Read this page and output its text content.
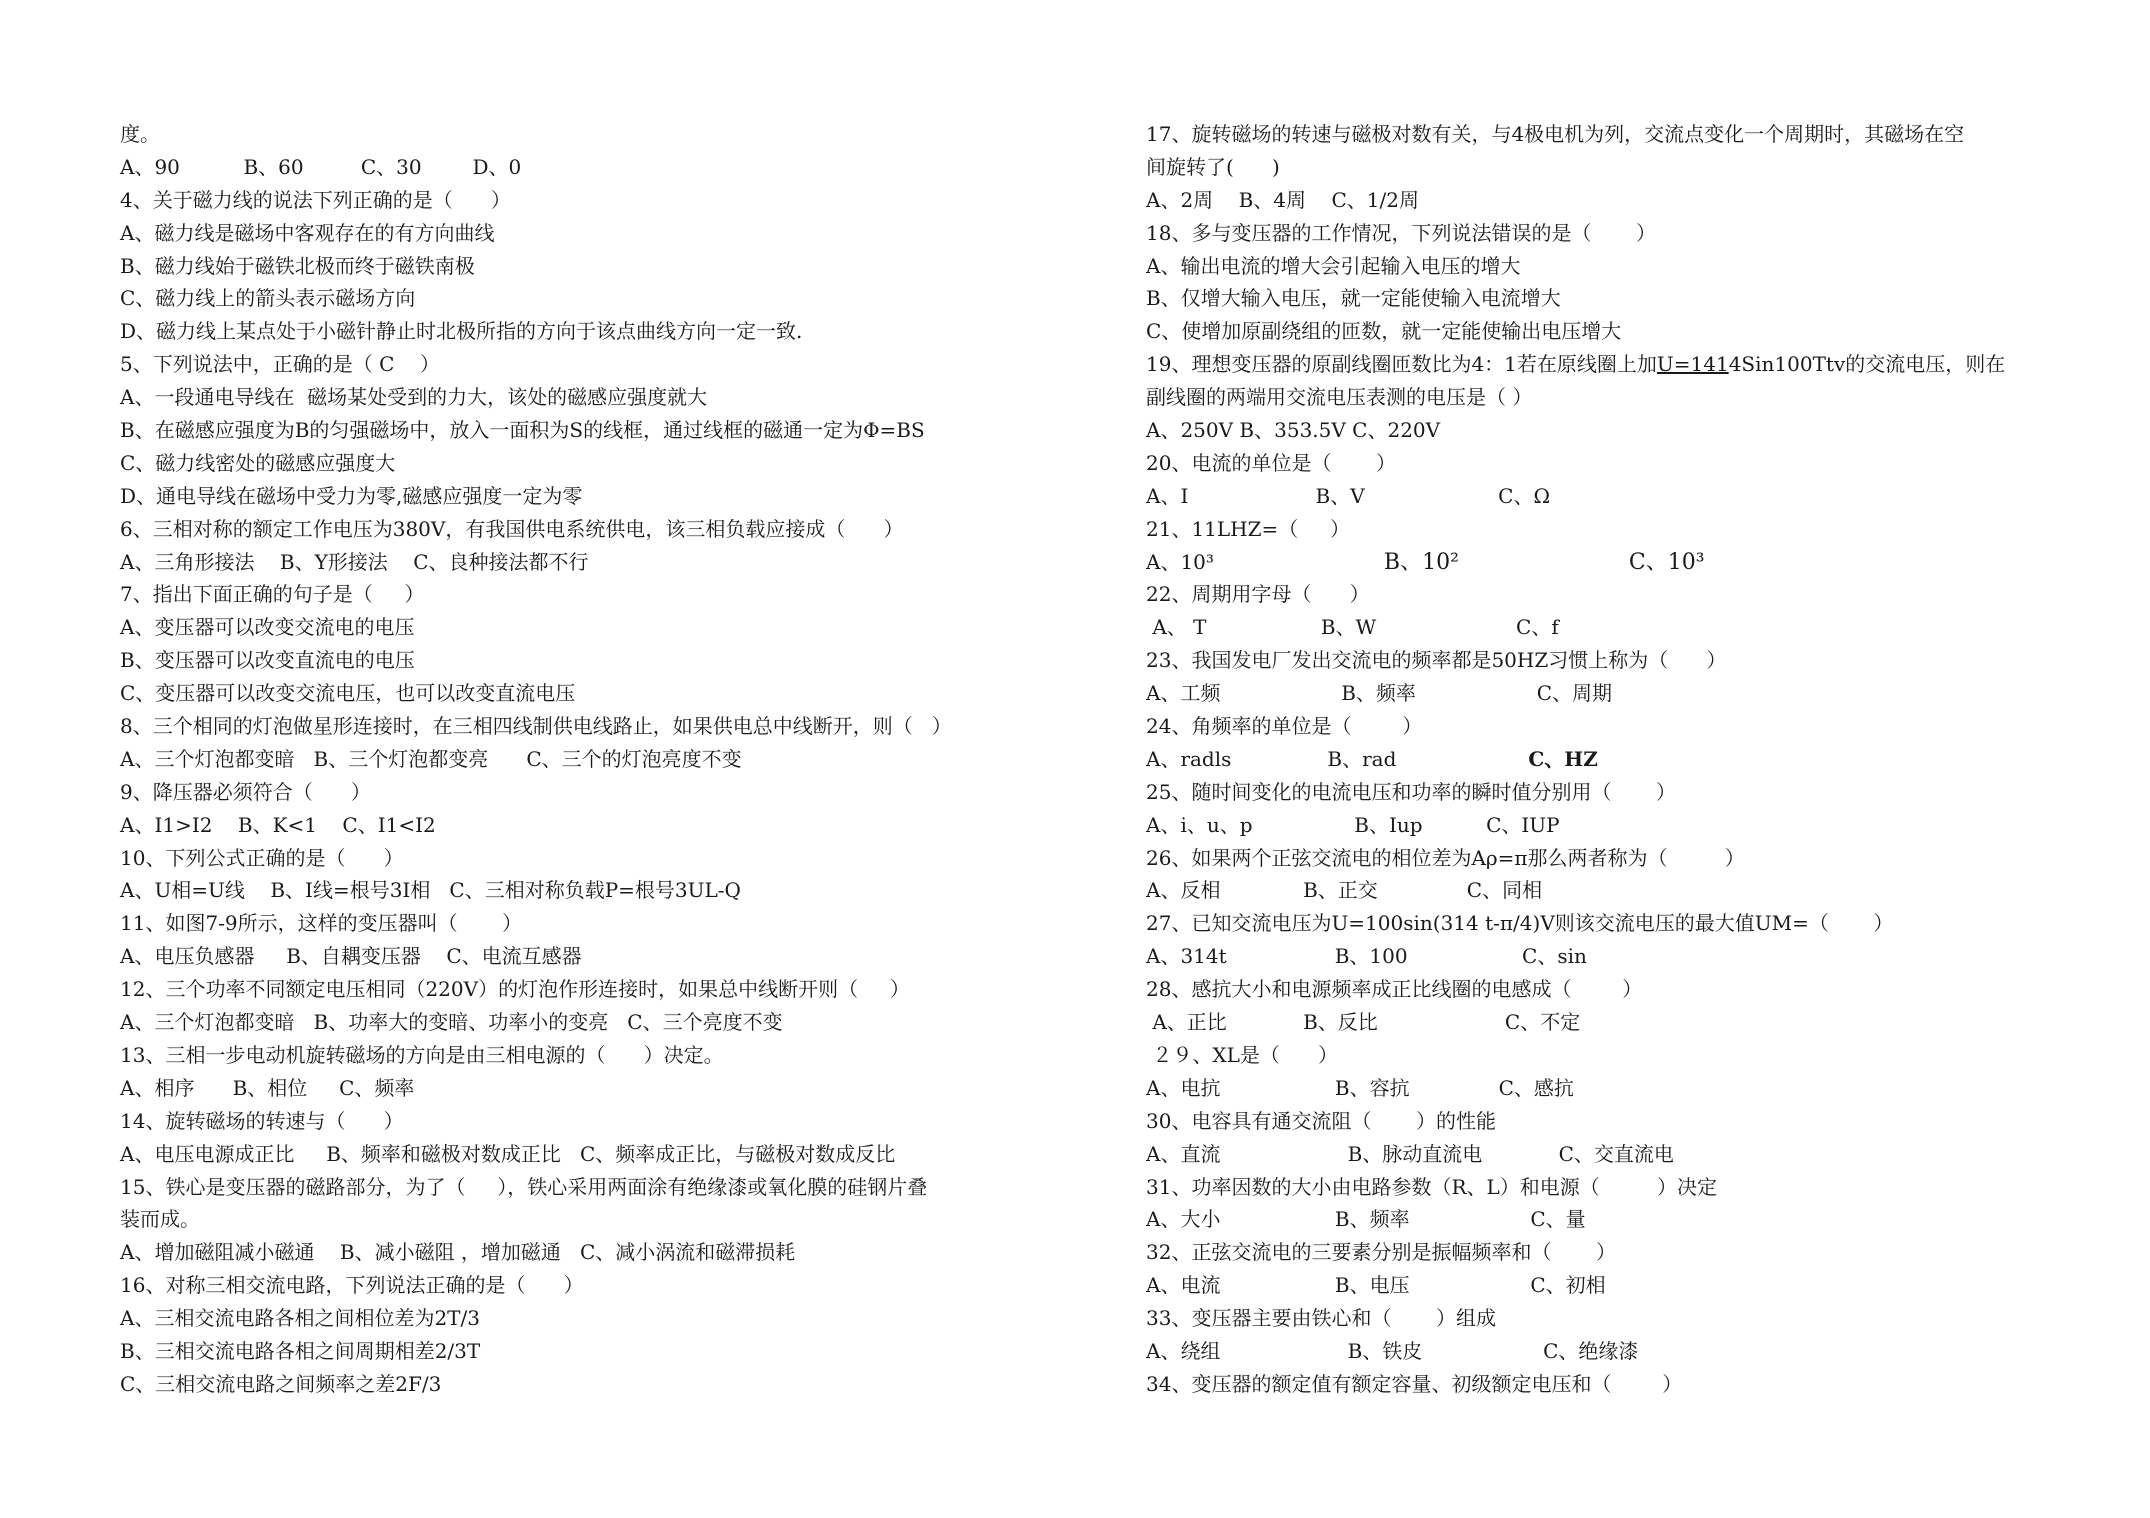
度。
A、90          B、60         C、30        D、0
4、关于磁力线的说法下列正确的是（      ）
A、磁力线是磁场中客观存在的有方向曲线
B、磁力线始于磁铁北极而终于磁铁南极
C、磁力线上的箭头表示磁场方向
D、磁力线上某点处于小磁针静止时北极所指的方向于该点曲线方向一定一致.
5、下列说法中，正确的是（ C    ）
A、一段通电导线在  磁场某处受到的力大，该处的磁感应强度就大
B、在磁感应强度为B的匀强磁场中，放入一面积为S的线框，通过线框的磁通一定为Φ=BS
C、磁力线密处的磁感应强度大
D、通电导线在磁场中受力为零,磁感应强度一定为零
6、三相对称的额定工作电压为380V，有我国供电系统供电，该三相负载应接成（      ）
A、三角形接法    B、Y形接法    C、良种接法都不行
7、指出下面正确的句子是（     ）
A、变压器可以改变交流电的电压
B、变压器可以改变直流电的电压
C、变压器可以改变交流电压，也可以改变直流电压
8、三个相同的灯泡做星形连接时，在三相四线制供电线路止，如果供电总中线断开，则（   ）
A、三个灯泡都变暗   B、三个灯泡都变亮      C、三个的灯泡亮度不变
9、降压器必须符合（      ）
A、I1>I2    B、K<1    C、I1<I2
10、下列公式正确的是（      ）
A、U相=U线    B、I线=根号3I相   C、三相对称负载P=根号3UL-Q
11、如图7-9所示，这样的变压器叫（       ）
A、电压负感器     B、自耦变压器    C、电流互感器
12、三个功率不同额定电压相同（220V）的灯泡作形连接时，如果总中线断开则（     ）
A、三个灯泡都变暗   B、功率大的变暗、功率小的变亮   C、三个亮度不变
13、三相一步电动机旋转磁场的方向是由三相电源的（      ）决定。
A、相序      B、相位     C、频率
14、旋转磁场的转速与（      ）
A、电压电源成正比     B、频率和磁极对数成正比   C、频率成正比，与磁极对数成反比
15、铁心是变压器的磁路部分，为了（     ），铁心采用两面涂有绝缘漆或氧化膜的硅钢片叠
装而成。
A、增加磁阻减小磁通    B、减小磁阻 ，增加磁通   C、减小涡流和磁滞损耗
16、对称三相交流电路，下列说法正确的是（      ）
A、三相交流电路各相之间相位差为2T/3
B、三相交流电路各相之间周期相差2/3T
C、三相交流电路之间频率之差2F/3
17、旋转磁场的转速与磁极对数有关，与4极电机为列，交流点变化一个周期时，其磁场在空
间旋转了(      )
A、2周    B、4周    C、1/2周
18、多与变压器的工作情况，下列说法错误的是（       ）
A、输出电流的增大会引起输入电压的增大
B、仅增大输入电压，就一定能使输入电流增大
C、使增加原副绕组的匝数，就一定能使输出电压增大
19、理想变压器的原副线圈匝数比为4：1若在原线圈上加U=1414Sin100Ttv的交流电压，则在
副线圈的两端用交流电压表测的电压是（ ）
A、250V B、353.5V C、220V
20、电流的单位是（       ）
A、I                    B、V                     C、Ω
21、11LHZ=（     ）
A、10³	B、10²	C、10³
22、周期用字母（      ）
A、 T                  B、W                      C、f
23、我国发电厂发出交流电的频率都是50HZ习惯上称为（      ）
A、工频                   B、频率                   C、周期
24、角频率的单位是（        ）
A、radls	B、rad	C、HZ
25、随时间变化的电流电压和功率的瞬时值分别用（       ）
A、i、u、p                B、Iup          C、IUP
26、如果两个正弦交流电的相位差为Aρ=π那么两者称为（         ）
A、反相             B、正交              C、同相
27、已知交流电压为U=100sin(314 t-π/4)V则该交流电压的最大值UM=（       ）
A、314t                 B、100                  C、sin
28、感抗大小和电源频率成正比线圈的电感成（        ）
A、正比            B、反比                    C、不定
２９、XL是（      ）
A、电抗                  B、容抗              C、感抗
30、电容具有通交流阻（       ）的性能
A、直流                    B、脉动直流电            C、交直流电
31、功率因数的大小由电路参数（R、L）和电源（         ）决定
A、大小                  B、频率                   C、量
32、正弦交流电的三要素分别是振幅频率和（       ）
A、电流                  B、电压                   C、初相
33、变压器主要由铁心和（       ）组成
A、绕组                    B、铁皮                   C、绝缘漆
34、变压器的额定值有额定容量、初级额定电压和（        ）
